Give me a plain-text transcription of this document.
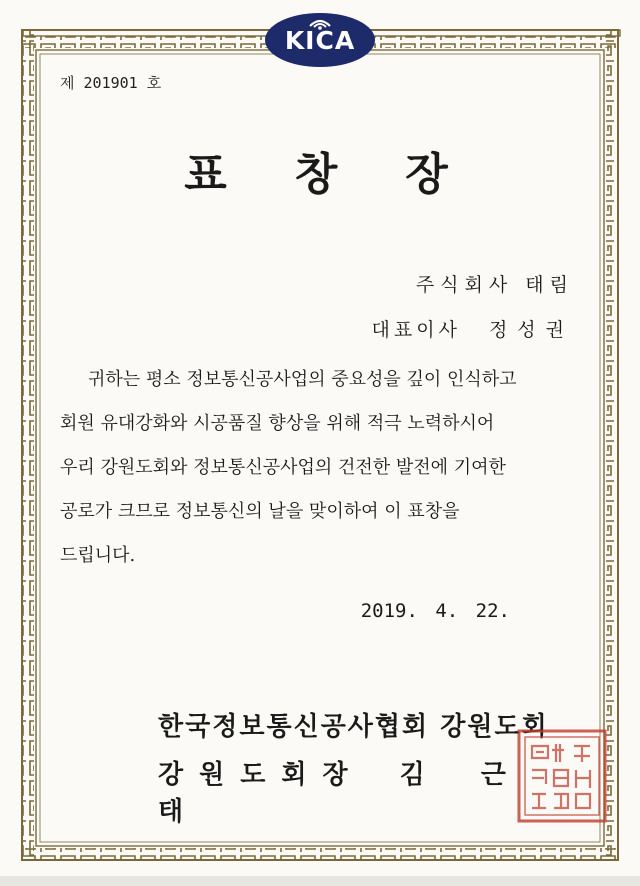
KICA
제 201901 호
표창장
주식회사 태림
대표이사 정성권
귀하는 평소 정보통신공사업의 중요성을 깊이 인식하고
회원 유대강화와 시공품질 향상을 위해 적극 노력하시어
우리 강원도회와 정보통신공사업의 건전한 발전에 기여한
공로가 크므로 정보통신의 날을 맞이하여 이 표창을
드립니다.
2019. 4. 22.
한국정보통신공사협회 강원도회
강원도회장 김근태
